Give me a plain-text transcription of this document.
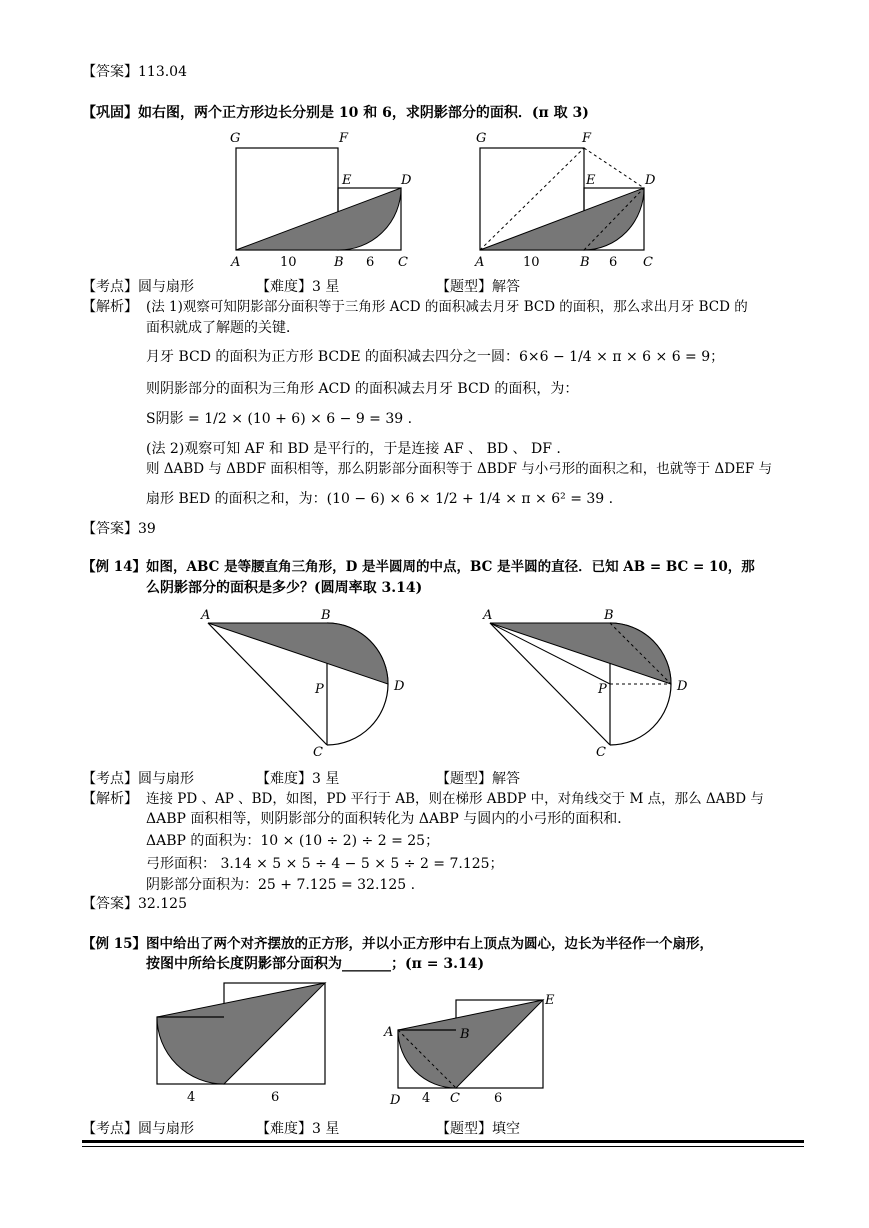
【答案】113.04
【巩固】如右图，两个正方形边长分别是 10 和 6，求阴影部分的面积．(π 取 3)
G	F
E	D
A	B	C
10	6
G	F
E	D
A	B	C
10	6
【考点】圆与扇形	【难度】3 星	【题型】解答
【解析】 (法 1)观察可知阴影部分面积等于三角形 ACD 的面积减去月牙 BCD 的面积，那么求出月牙 BCD 的
面积就成了解题的关键．
月牙 BCD 的面积为正方形 BCDE 的面积减去四分之一圆：6×6 − 1/4 × π × 6 × 6 = 9；
则阴影部分的面积为三角形 ACD 的面积减去月牙 BCD 的面积，为：
S阴影 = 1/2 × (10 + 6) × 6 − 9 = 39 .
(法 2)观察可知 AF 和 BD 是平行的，于是连接 AF 、 BD 、 DF .
则 ΔABD 与 ΔBDF 面积相等，那么阴影部分面积等于 ΔBDF 与小弓形的面积之和，也就等于 ΔDEF 与
扇形 BED 的面积之和，为：(10 − 6) × 6 × 1/2 + 1/4 × π × 6² = 39 .
【答案】39
【例 14】如图，ABC 是等腰直角三角形，D 是半圆周的中点，BC 是半圆的直径．已知 AB = BC = 10，那
么阴影部分的面积是多少？(圆周率取 3.14)
A	B
P	D
C
A	B
P	D
C
【考点】圆与扇形	【难度】3 星	【题型】解答
【解析】 连接 PD 、AP 、BD，如图，PD 平行于 AB，则在梯形 ABDP 中，对角线交于 M 点，那么 ΔABD 与
ΔABP 面积相等，则阴影部分的面积转化为 ΔABP 与圆内的小弓形的面积和．
ΔABP 的面积为：10 × (10 ÷ 2) ÷ 2 = 25；
弓形面积： 3.14 × 5 × 5 ÷ 4 − 5 × 5 ÷ 2 = 7.125；
阴影部分面积为：25 + 7.125 = 32.125 .
【答案】32.125
【例 15】图中给出了两个对齐摆放的正方形，并以小正方形中右上顶点为圆心，边长为半径作一个扇形，
按图中所给长度阴影部分面积为_______；(π = 3.14)
4	6
A	B
C
D
E
4	6
【考点】圆与扇形	【难度】3 星	【题型】填空
